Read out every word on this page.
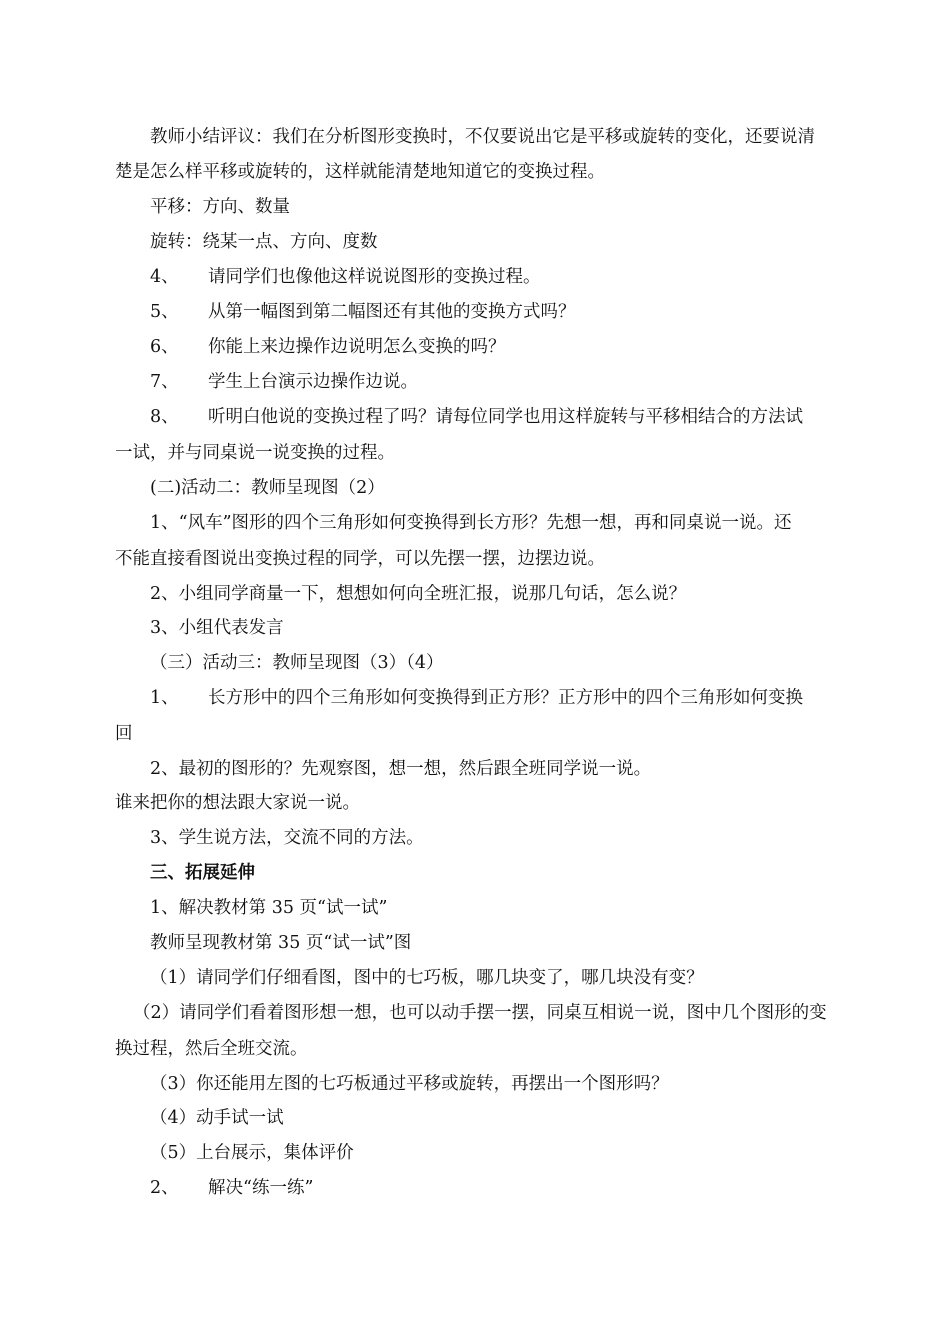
教师小结评议：我们在分析图形变换时，不仅要说出它是平移或旋转的变化，还要说清
楚是怎么样平移或旋转的，这样就能清楚地知道它的变换过程。
平移：方向、数量
旋转：绕某一点、方向、度数
4、 请同学们也像他这样说说图形的变换过程。
5、 从第一幅图到第二幅图还有其他的变换方式吗？
6、 你能上来边操作边说明怎么变换的吗？
7、 学生上台演示边操作边说。
8、 听明白他说的变换过程了吗？请每位同学也用这样旋转与平移相结合的方法试
一试，并与同桌说一说变换的过程。
(二)活动二：教师呈现图（2）
1、“风车”图形的四个三角形如何变换得到长方形？先想一想，再和同桌说一说。还
不能直接看图说出变换过程的同学，可以先摆一摆，边摆边说。
2、小组同学商量一下，想想如何向全班汇报，说那几句话，怎么说？
3、小组代表发言
（三）活动三：教师呈现图（3）（4）
1、 长方形中的四个三角形如何变换得到正方形？正方形中的四个三角形如何变换
回
2、最初的图形的？先观察图，想一想，然后跟全班同学说一说。
谁来把你的想法跟大家说一说。
3、学生说方法，交流不同的方法。
三、拓展延伸
1、解决教材第 35 页“试一试”
教师呈现教材第 35 页“试一试”图
（1）请同学们仔细看图，图中的七巧板，哪几块变了，哪几块没有变？
（2）请同学们看着图形想一想，也可以动手摆一摆，同桌互相说一说，图中几个图形的变
换过程，然后全班交流。
（3）你还能用左图的七巧板通过平移或旋转，再摆出一个图形吗？
（4）动手试一试
（5）上台展示，集体评价
2、 解决“练一练”
